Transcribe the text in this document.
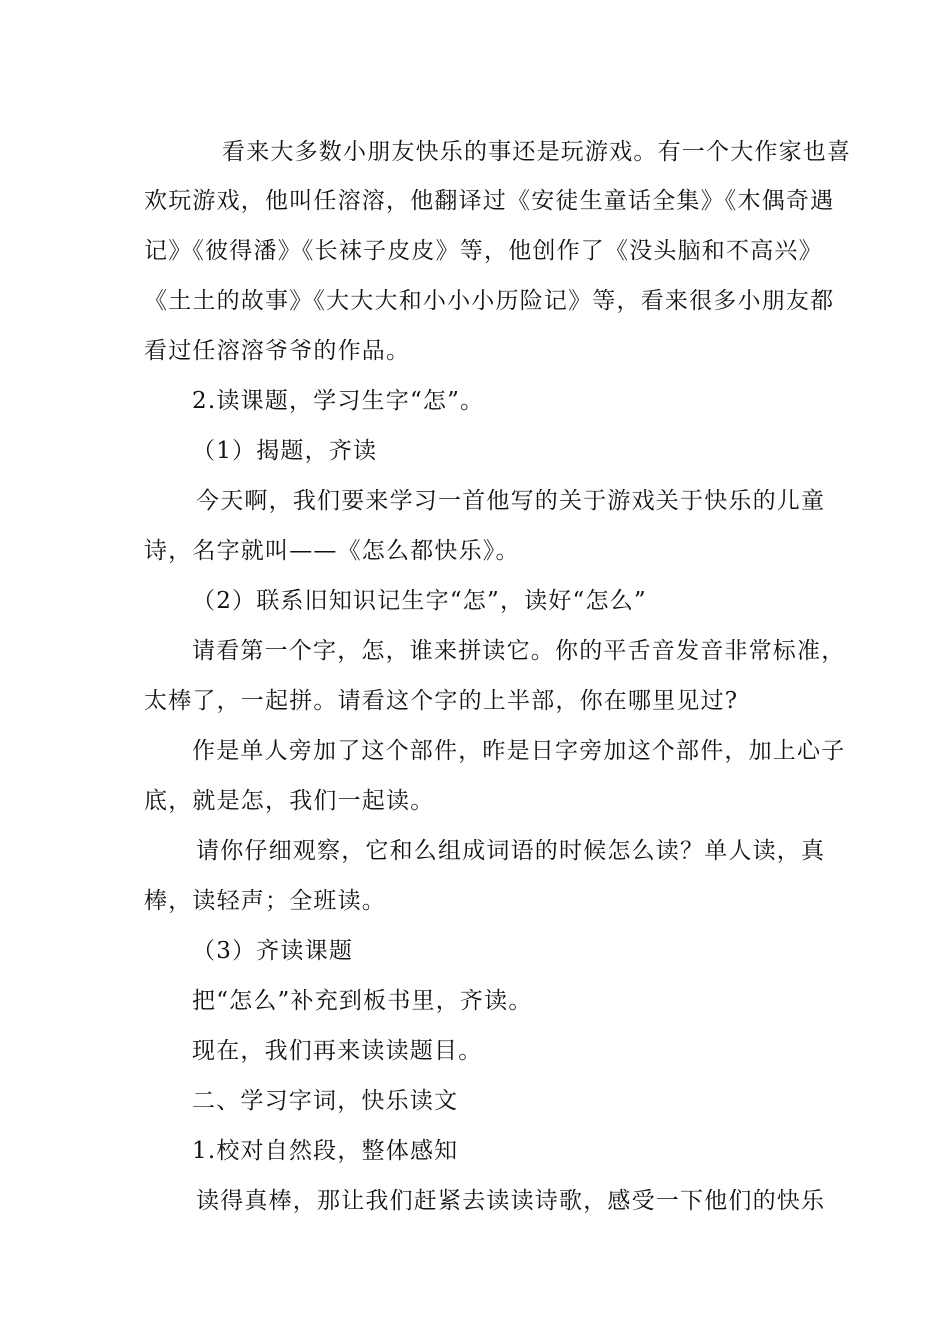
看来大多数小朋友快乐的事还是玩游戏。有一个大作家也喜
欢玩游戏，他叫任溶溶，他翻译过《安徒生童话全集》《木偶奇遇
记》《彼得潘》《长袜子皮皮》等，他创作了《没头脑和不高兴》
《土土的故事》《大大大和小小小历险记》等，看来很多小朋友都
看过任溶溶爷爷的作品。
2.读课题，学习生字“怎”。
（1）揭题，齐读
今天啊，我们要来学习一首他写的关于游戏关于快乐的儿童
诗，名字就叫——《怎么都快乐》。
（2）联系旧知识记生字“怎”，读好“怎么”
请看第一个字，怎，谁来拼读它。你的平舌音发音非常标准，
太棒了，一起拼。请看这个字的上半部，你在哪里见过?
作是单人旁加了这个部件，昨是日字旁加这个部件，加上心子
底，就是怎，我们一起读。
请你仔细观察，它和么组成词语的时候怎么读？单人读，真
棒，读轻声；全班读。
（3）齐读课题
把“怎么”补充到板书里，齐读。
现在，我们再来读读题目。
二、学习字词，快乐读文
1.校对自然段，整体感知
读得真棒，那让我们赶紧去读读诗歌，感受一下他们的快乐
